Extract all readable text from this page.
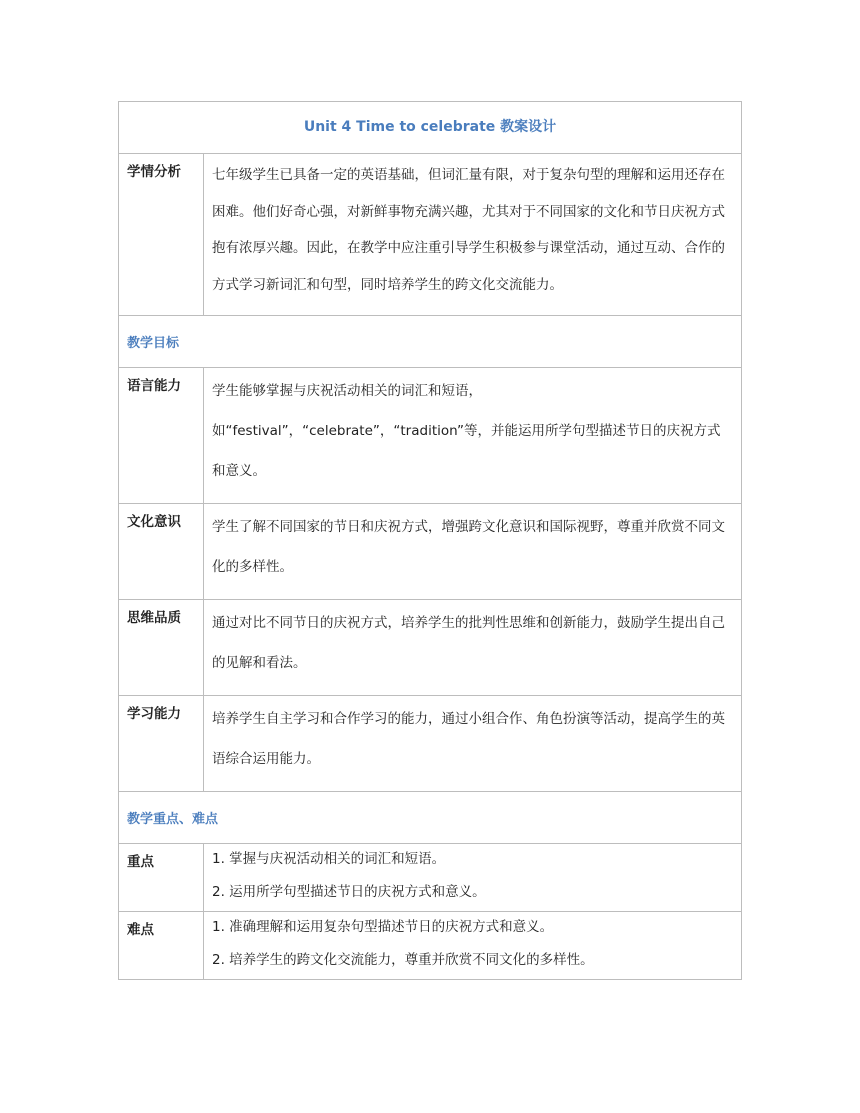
Unit 4 Time to celebrate 教案设计	
学情分析	七年级学生已具备一定的英语基础，但词汇量有限，对于复杂句型的理解和运用还存在困难。他们好奇心强，对新鲜事物充满兴趣，尤其对于不同国家的文化和节日庆祝方式抱有浓厚兴趣。因此，在教学中应注重引导学生积极参与课堂活动，通过互动、合作的方式学习新词汇和句型，同时培养学生的跨文化交流能力。

教学目标	
语言能力	学生能够掌握与庆祝活动相关的词汇和短语，如“festival”，“celebrate”，“tradition”等，并能运用所学句型描述节日的庆祝方式和意义。

文化意识	学生了解不同国家的节日和庆祝方式，增强跨文化意识和国际视野，尊重并欣赏不同文化的多样性。

思维品质	通过对比不同节日的庆祝方式，培养学生的批判性思维和创新能力，鼓励学生提出自己的见解和看法。

学习能力	培养学生自主学习和合作学习的能力，通过小组合作、角色扮演等活动，提高学生的英语综合运用能力。

教学重点、难点	
重点	1. 掌握与庆祝活动相关的词汇和短语。
2. 运用所学句型描述节日的庆祝方式和意义。

难点	1. 准确理解和运用复杂句型描述节日的庆祝方式和意义。
2. 培养学生的跨文化交流能力，尊重并欣赏不同文化的多样性。
